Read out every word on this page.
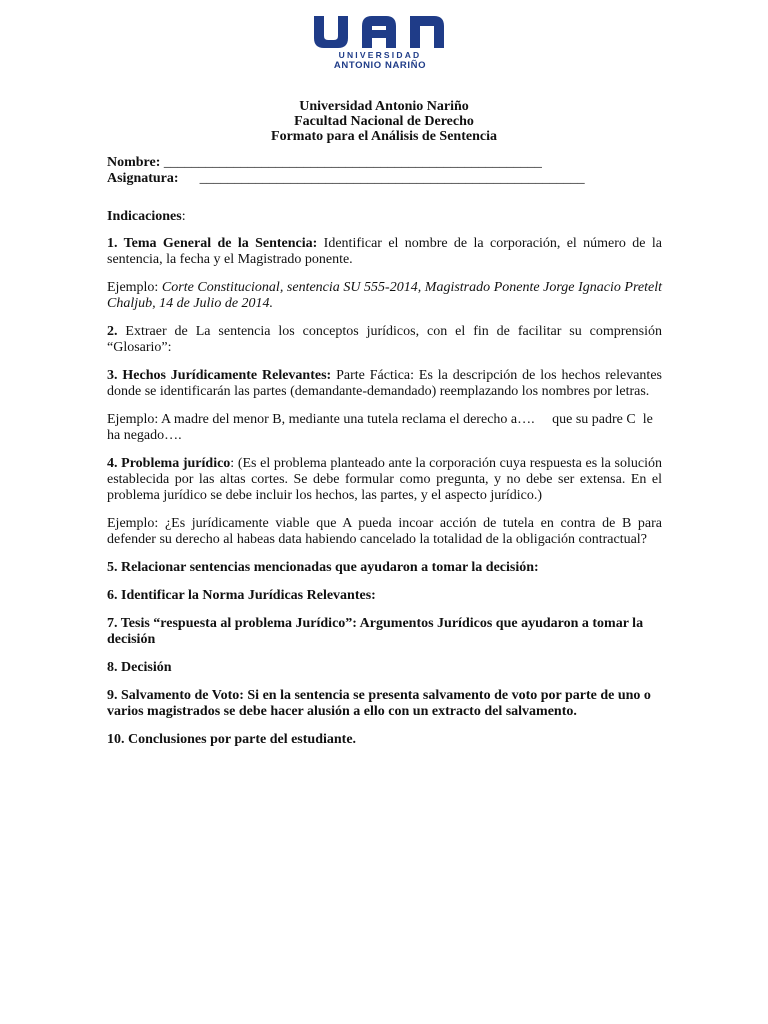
UNIVERSIDAD
ANTONIO NARIÑO
Universidad Antonio Nariño
Facultad Nacional de Derecho
Formato para el Análisis de Sentencia
Nombre: ______________________________________________________
Asignatura: _______________________________________________________
Indicaciones:
1. Tema General de la Sentencia: Identificar el nombre de la corporación, el número de la sentencia, la fecha y el Magistrado ponente.
Ejemplo: Corte Constitucional, sentencia SU 555-2014, Magistrado Ponente Jorge Ignacio Pretelt Chaljub, 14 de Julio de 2014.
2. Extraer de La sentencia los conceptos jurídicos, con el fin de facilitar su comprensión “Glosario”:
3. Hechos Jurídicamente Relevantes: Parte Fáctica: Es la descripción de los hechos relevantes donde se identificarán las partes (demandante-demandado) reemplazando los nombres por letras.
Ejemplo: A madre del menor B, mediante una tutela reclama el derecho a….     que su padre C  le ha negado….
4. Problema jurídico: (Es el problema planteado ante la corporación cuya respuesta es la solución establecida por las altas cortes. Se debe formular como pregunta, y no debe ser extensa. En el problema jurídico se debe incluir los hechos, las partes, y el aspecto jurídico.)
Ejemplo: ¿Es jurídicamente viable que A pueda incoar acción de tutela en contra de B para defender su derecho al habeas data habiendo cancelado la totalidad de la obligación contractual?
5. Relacionar sentencias mencionadas que ayudaron a tomar la decisión:
6. Identificar la Norma Jurídicas Relevantes:
7. Tesis “respuesta al problema Jurídico”: Argumentos Jurídicos que ayudaron a tomar la decisión
8. Decisión
9. Salvamento de Voto: Si en la sentencia se presenta salvamento de voto por parte de uno o varios magistrados se debe hacer alusión a ello con un extracto del salvamento.
10. Conclusiones por parte del estudiante.
